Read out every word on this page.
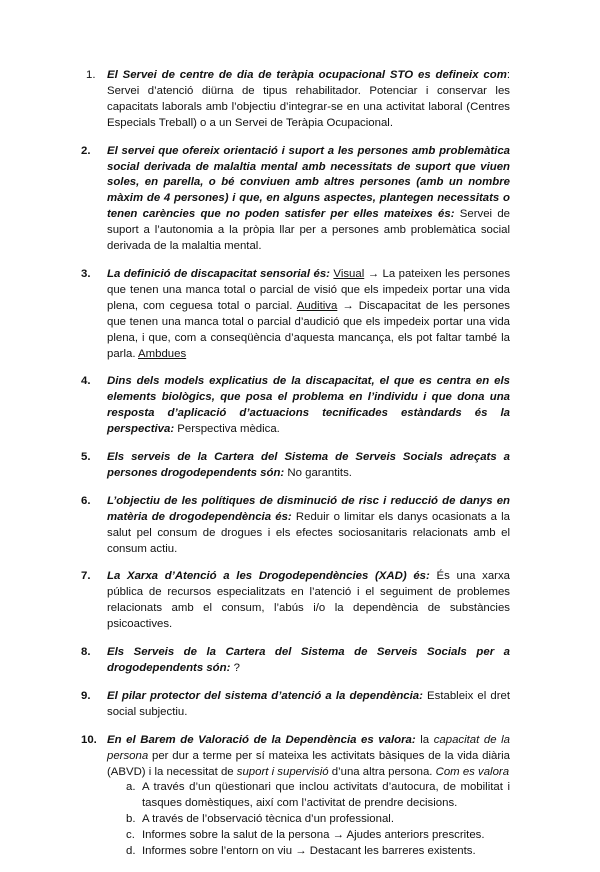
1.	El Servei de centre de dia de teràpia ocupacional STO es defineix com: Servei d’atenció diürna de tipus rehabilitador. Potenciar i conservar les capacitats laborals amb l’objectiu d’integrar-se en una activitat laboral (Centres Especials Treball) o a un Servei de Teràpia Ocupacional.
2.	El servei que ofereix orientació i suport a les persones amb problemàtica social derivada de malaltia mental amb necessitats de suport que viuen soles, en parella, o bé conviuen amb altres persones (amb un nombre màxim de 4 persones) i que, en alguns aspectes, plantegen necessitats o tenen carències que no poden satisfer per elles mateixes és: Servei de suport a l’autonomia a la pròpia llar per a persones amb problemàtica social derivada de la malaltia mental.
3.	La definició de discapacitat sensorial és: Visual → La pateixen les persones que tenen una manca total o parcial de visió que els impedeix portar una vida plena, com ceguesa total o parcial. Auditiva → Discapacitat de les persones que tenen una manca total o parcial d’audició que els impedeix portar una vida plena, i que, com a conseqüència d’aquesta mancança, els pot faltar també la parla. Ambdues
4.	Dins dels models explicatius de la discapacitat, el que es centra en els elements biològics, que posa el problema en l’individu i que dona una resposta d’aplicació d’actuacions tecnificades estàndards és la perspectiva: Perspectiva mèdica.
5.	Els serveis de la Cartera del Sistema de Serveis Socials adreçats a persones drogodependents són: No garantits.
6.	L’objectiu de les polítiques de disminució de risc i reducció de danys en matèria de drogodependència és: Reduir o limitar els danys ocasionats a la salut pel consum de drogues i els efectes sociosanitaris relacionats amb el consum actiu.
7.	La Xarxa d’Atenció a les Drogodependències (XAD) és: És una xarxa pública de recursos especialitzats en l’atenció i el seguiment de problemes relacionats amb el consum, l’abús i/o la dependència de substàncies psicoactives.
8.	Els Serveis de la Cartera del Sistema de Serveis Socials per a drogodependents són: ?
9.	El pilar protector del sistema d’atenció a la dependència: Estableix el dret social subjectiu.
10. En el Barem de Valoració de la Dependència es valora: la capacitat de la persona per dur a terme per sí mateixa les activitats bàsiques de la vida diària (ABVD) i la necessitat de suport i supervisió d’una altra persona. Com es valora
a. A través d’un qüestionari que inclou activitats d’autocura, de mobilitat i tasques domèstiques, així com l’activitat de prendre decisions.
b. A través de l’observació tècnica d’un professional.
c. Informes sobre la salut de la persona → Ajudes anteriors prescrites.
d. Informes sobre l’entorn on viu → Destacant les barreres existents.
